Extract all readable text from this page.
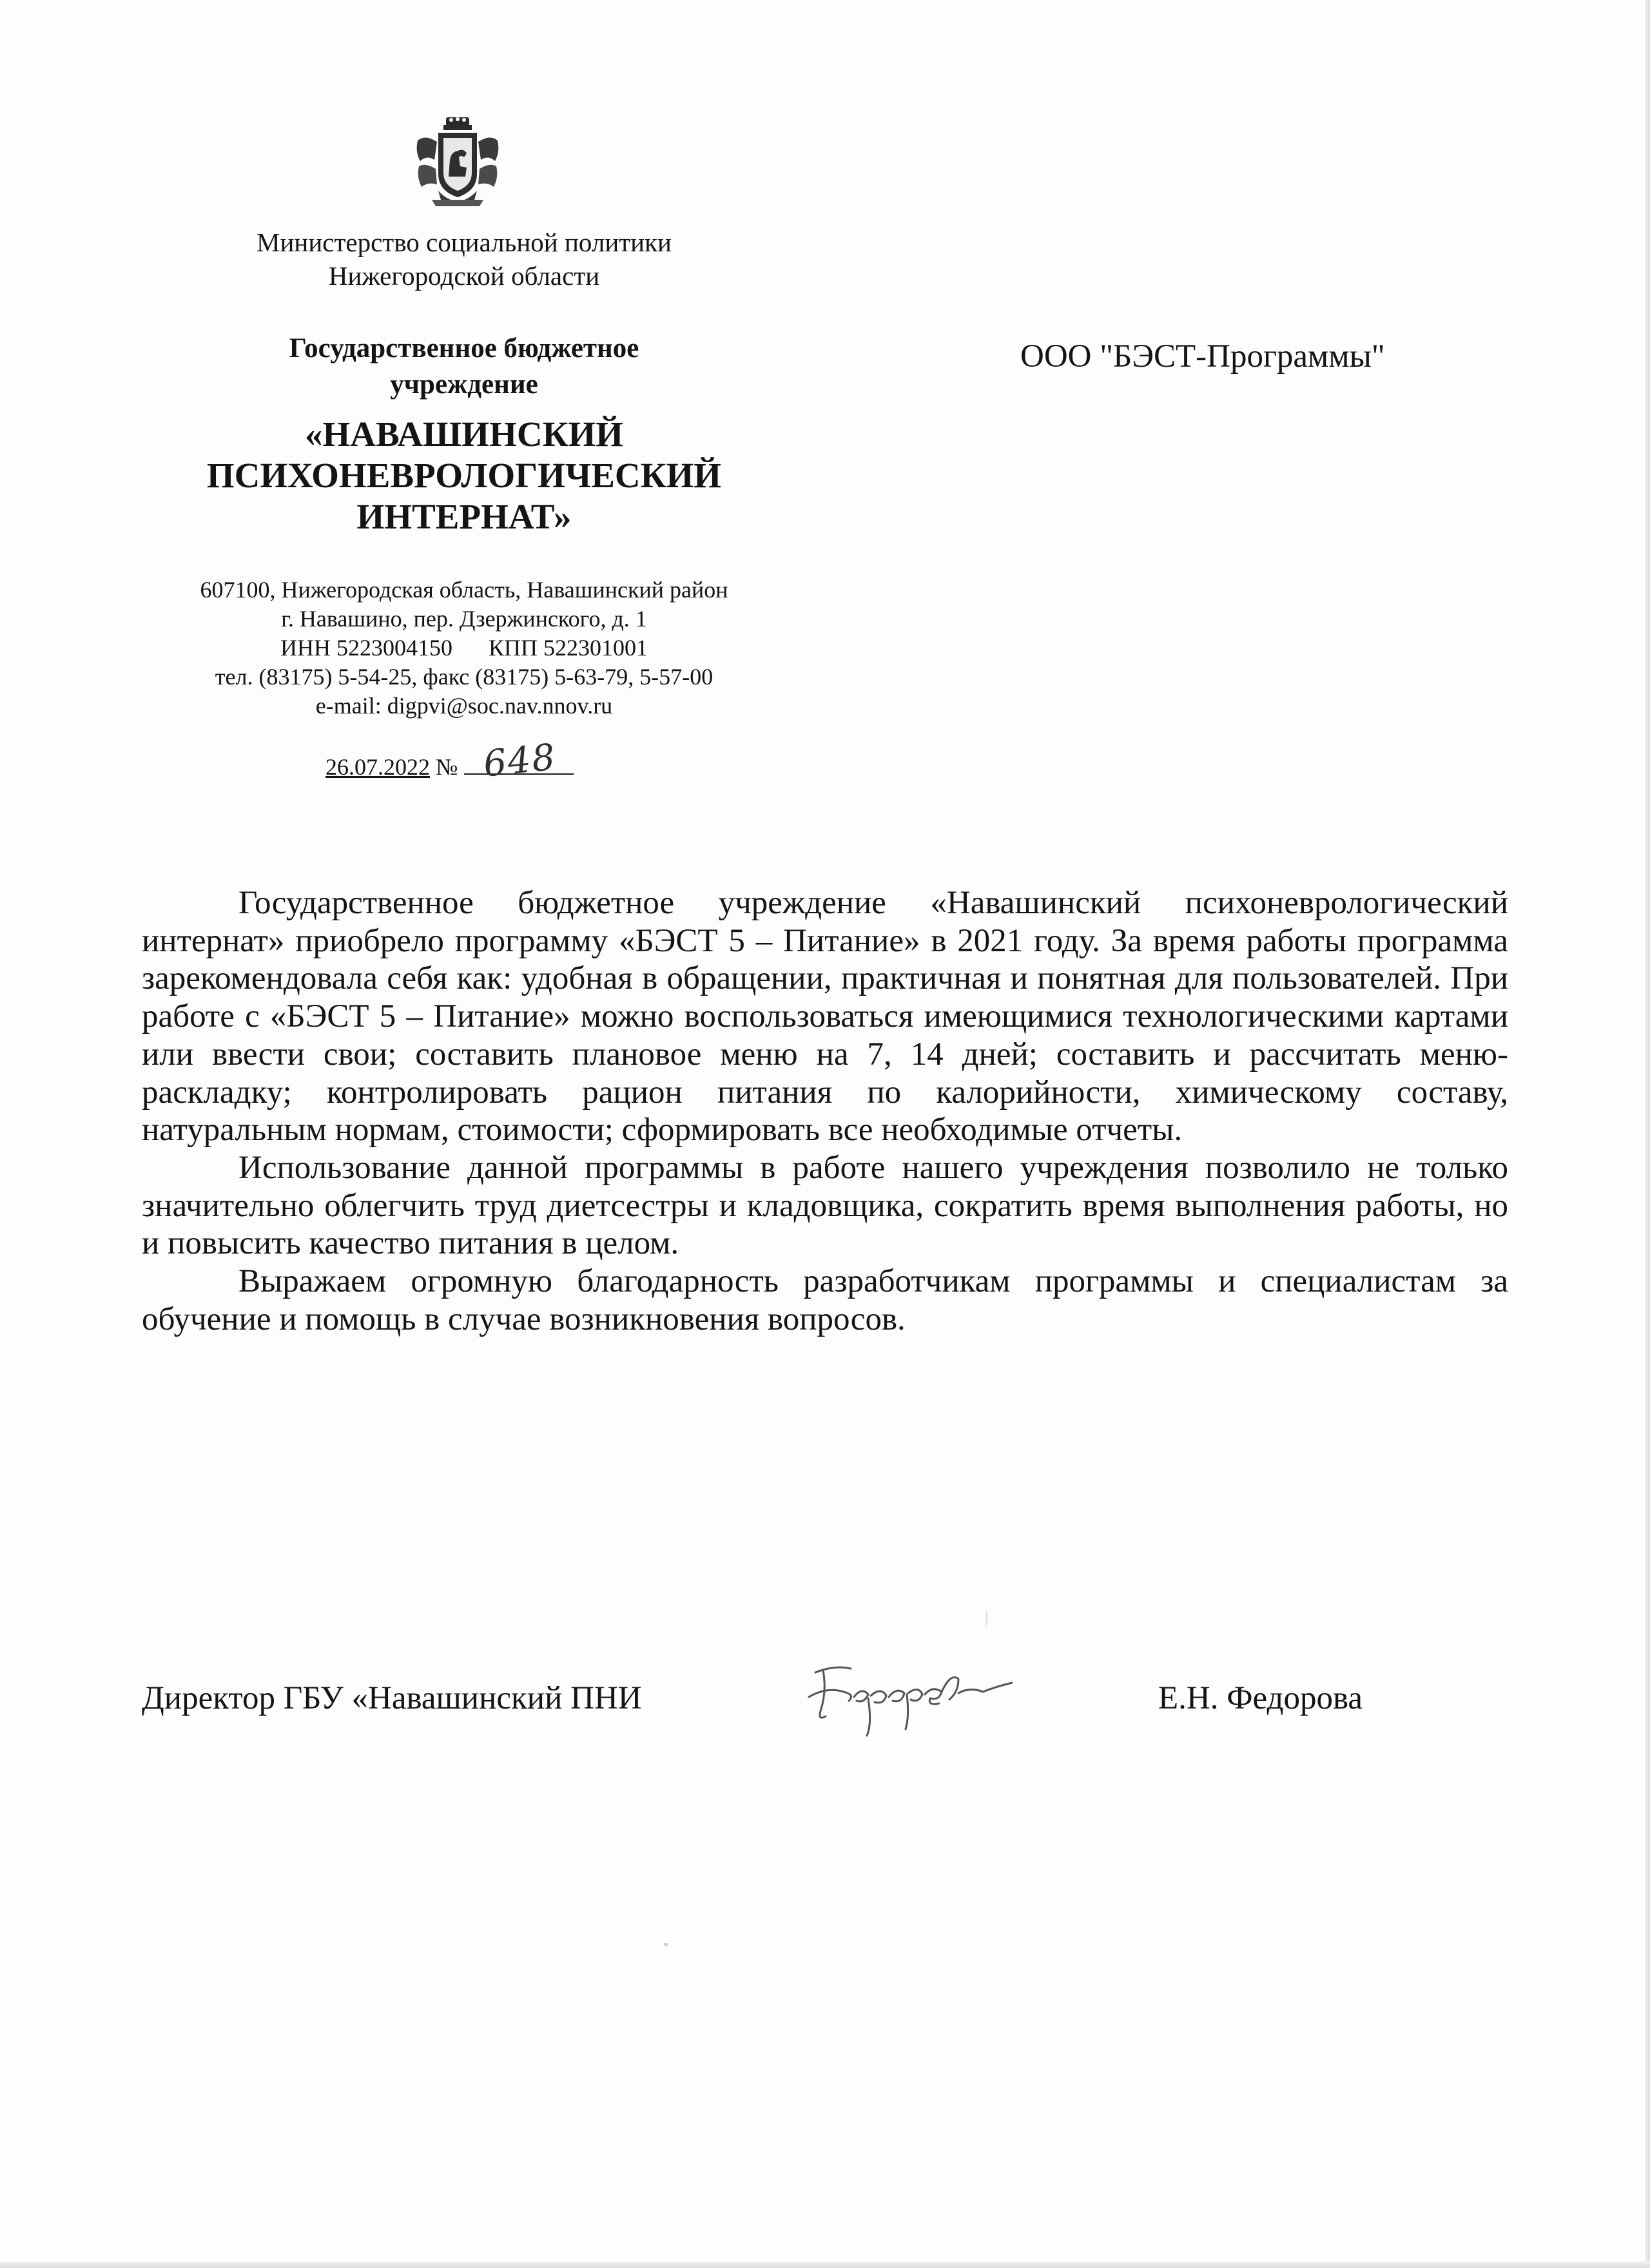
Министерство социальной политики
Нижегородской области
Государственное бюджетное
учреждение
«НАВАШИНСКИЙ
ПСИХОНЕВРОЛОГИЧЕСКИЙ
ИНТЕРНАТ»
607100, Нижегородская область, Навашинский район
г. Навашино, пер. Дзержинского, д. 1
ИНН 5223004150 КПП 522301001
тел. (83175) 5-54-25, факс (83175) 5-63-79, 5-57-00
e-mail: digpvi@soc.nav.nnov.ru
26.07.2022 № 648
ООО "БЭСТ-Программы"

Государственное бюджетное учреждение «Навашинский психоневрологический интернат» приобрело программу «БЭСТ 5 – Питание» в 2021 году. За время работы программа зарекомендовала себя как: удобная в обращении, практичная и понятная для пользователей. При работе с «БЭСТ 5 – Питание» можно воспользоваться имеющимися технологическими картами или ввести свои; составить плановое меню на 7, 14 дней; составить и рассчитать меню-раскладку; контролировать рацион питания по калорийности, химическому составу, натуральным нормам, стоимости; сформировать все необходимые отчеты.

Использование данной программы в работе нашего учреждения позволило не только значительно облегчить труд диетсестры и кладовщика, сократить время выполнения работы, но и повысить качество питания в целом.

Выражаем огромную благодарность разработчикам программы и специалистам за обучение и помощь в случае возникновения вопросов.

Директор ГБУ «Навашинский ПНИ	Е.Н. Федорова
